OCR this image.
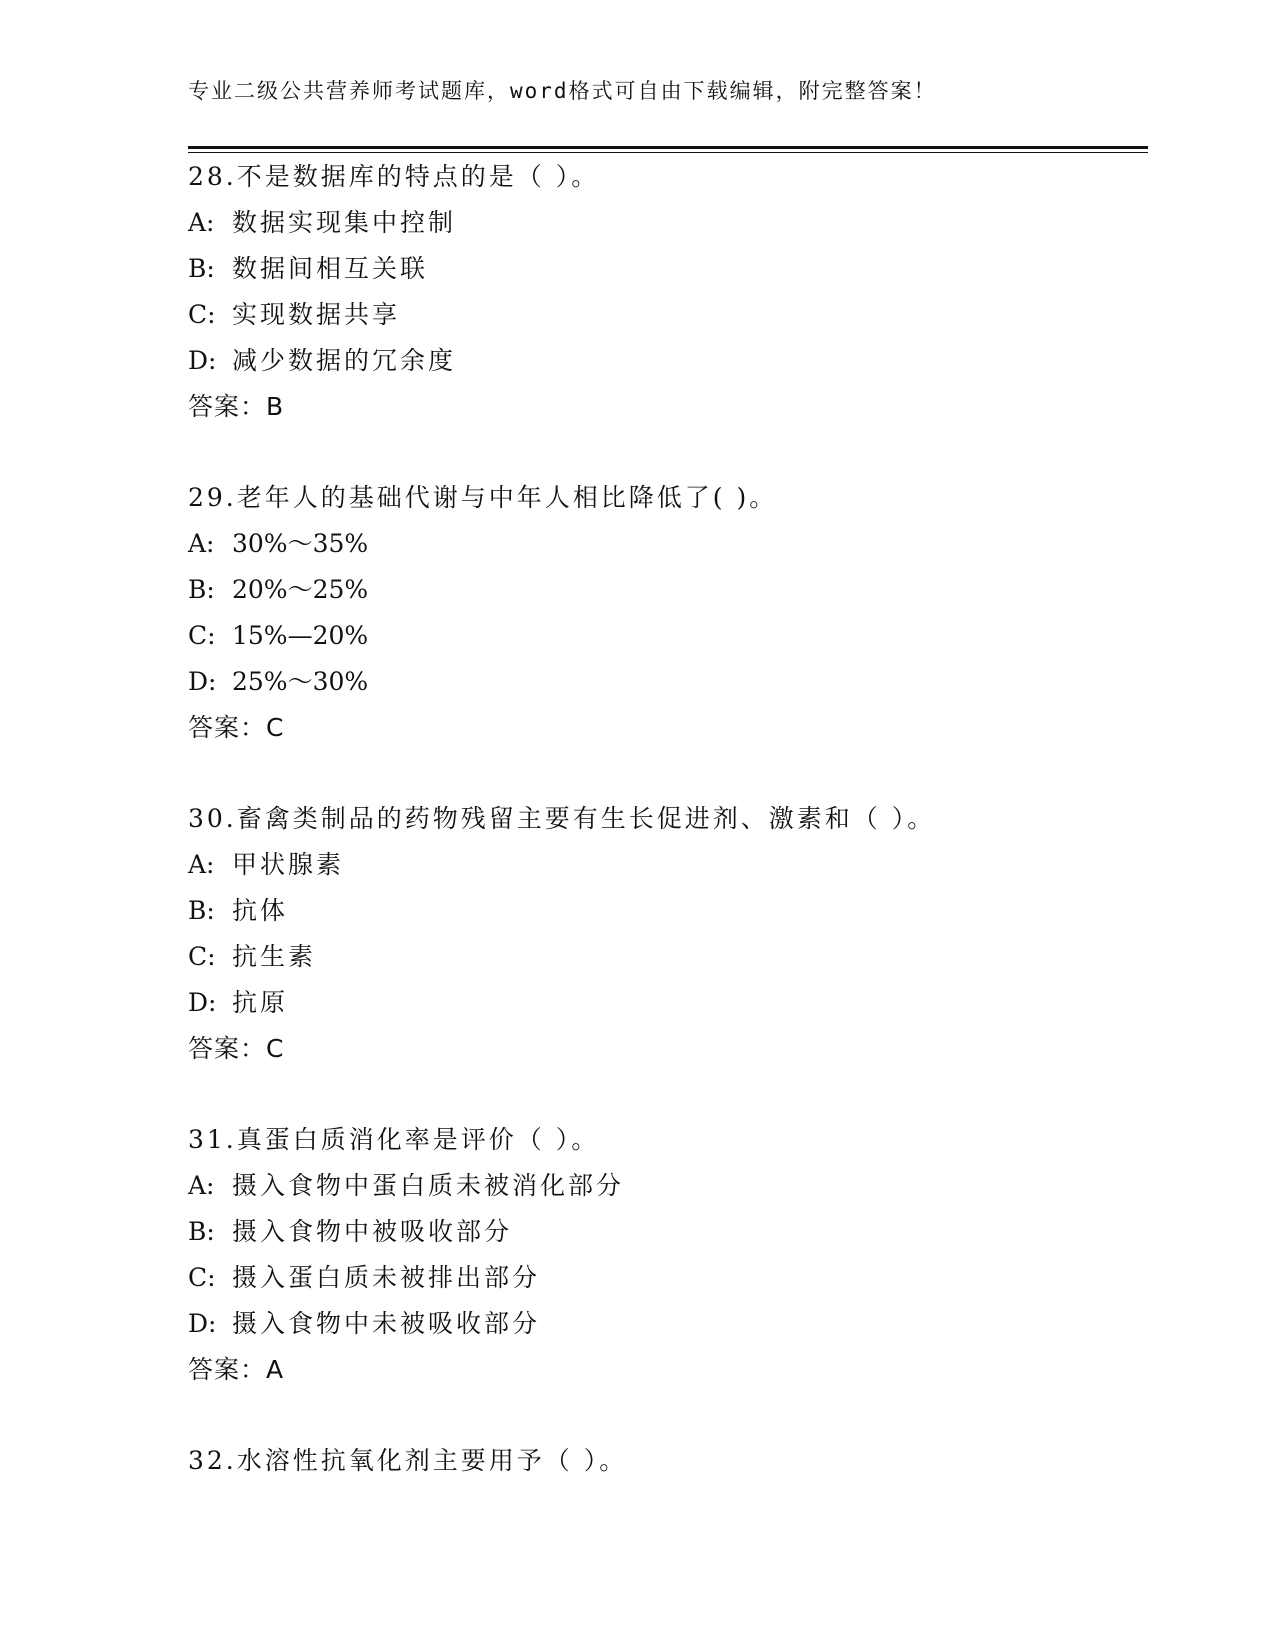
专业二级公共营养师考试题库，word格式可自由下载编辑，附完整答案！
28.不是数据库的特点的是（ ）。
A: 数据实现集中控制
B: 数据间相互关联
C: 实现数据共享
D: 减少数据的冗余度
答案：B
29.老年人的基础代谢与中年人相比降低了( )。
A: 30%～35%
B: 20%～25%
C: 15%—20%
D: 25%～30%
答案：C
30.畜禽类制品的药物残留主要有生长促进剂、激素和（ ）。
A: 甲状腺素
B: 抗体
C: 抗生素
D: 抗原
答案：C
31.真蛋白质消化率是评价（ ）。
A: 摄入食物中蛋白质未被消化部分
B: 摄入食物中被吸收部分
C: 摄入蛋白质未被排出部分
D: 摄入食物中未被吸收部分
答案：A
32.水溶性抗氧化剂主要用予（ ）。
